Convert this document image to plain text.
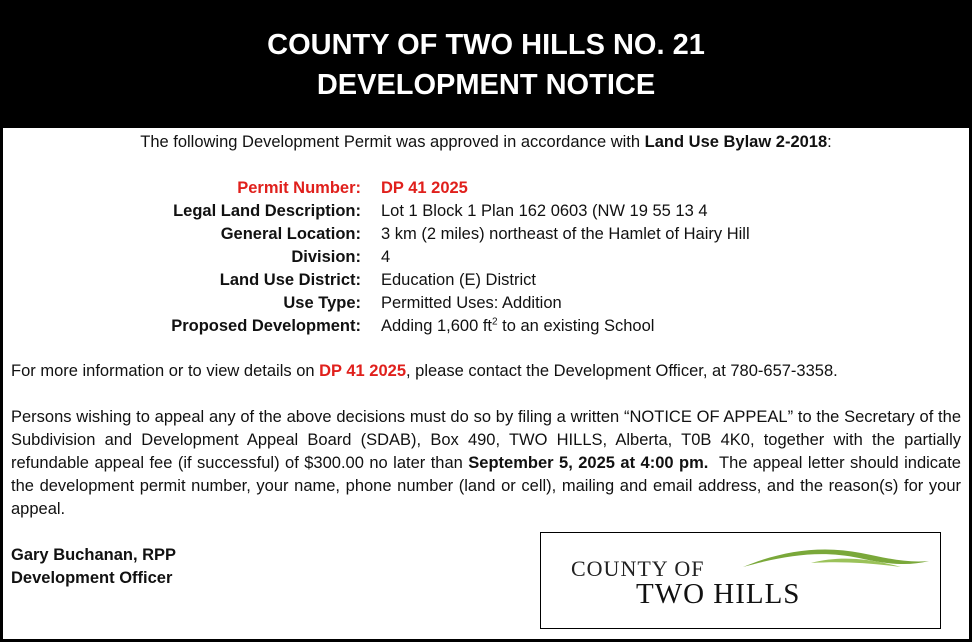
COUNTY OF TWO HILLS NO. 21
DEVELOPMENT NOTICE
The following Development Permit was approved in accordance with Land Use Bylaw 2-2018:
Permit Number: DP 41 2025
Legal Land Description: Lot 1 Block 1 Plan 162 0603 (NW 19 55 13 4
General Location: 3 km (2 miles) northeast of the Hamlet of Hairy Hill
Division: 4
Land Use District: Education (E) District
Use Type: Permitted Uses: Addition
Proposed Development: Adding 1,600 $ft^2$ to an existing School
For more information or to view details on DP 41 2025, please contact the Development Officer, at 780-657-3358.
Persons wishing to appeal any of the above decisions must do so by filing a written “NOTICE OF APPEAL” to the Secretary of the Subdivision and Development Appeal Board (SDAB), Box 490, TWO HILLS, Alberta, T0B 4K0, together with the partially refundable appeal fee (if successful) of $300.00 no later than September 5, 2025 at 4:00 pm.  The appeal letter should indicate the development permit number, your name, phone number (land or cell), mailing and email address, and the reason(s) for your appeal.
Gary Buchanan, RPP
Development Officer	COUNTY OF
TWO HILLS
